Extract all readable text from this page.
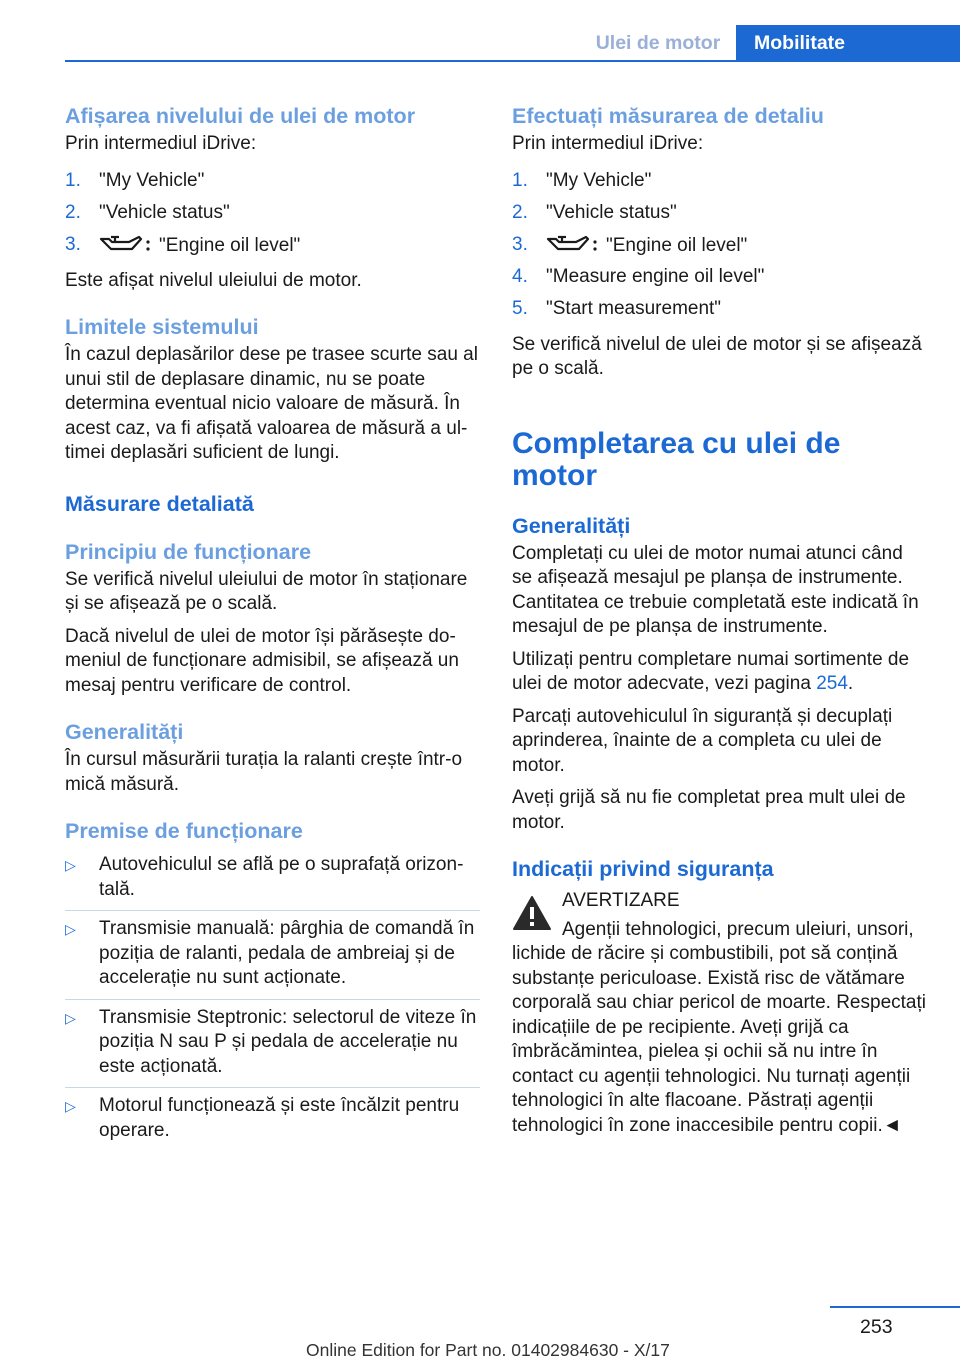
Ulei de motor	Mobilitate
Afișarea nivelului de ulei de motor

Prin intermediul iDrive:

1. "My Vehicle"
2. "Vehicle status"
3.	"Engine oil level"

Este afișat nivelul uleiului de motor.

Limitele sistemului

În cazul deplasărilor dese pe trasee scurte sau al unui stil de deplasare dinamic, nu se poate determina eventual nicio valoare de măsură. În acest caz, va fi afișată valoarea de măsură a ultimei deplasări suficient de lungi.

Măsurare detaliată
Principiu de funcționare

Se verifică nivelul uleiului de motor în staționare și se afișează pe o scală.

Dacă nivelul de ulei de motor își părăsește domeniul de funcționare admisibil, se afișează un mesaj pentru verificare de control.

Generalități

În cursul măsurării turația la ralanti crește într-o mică măsură.

Premise de funcționare
▷	Autovehiculul se află pe o suprafață orizontală.
▷	Transmisie manuală: pârghia de comandă în poziția de ralanti, pedala de ambreiaj și de accelerație nu sunt acționate.
▷	Transmisie Steptronic: selectorul de viteze în poziția N sau P și pedala de accelerație nu este acționată.
▷	Motorul funcționează și este încălzit pentru operare.
Efectuați măsurarea de detaliu

Prin intermediul iDrive:

1. "My Vehicle"
2. "Vehicle status"
3.	"Engine oil level"
4. "Measure engine oil level"
5. "Start measurement"

Se verifică nivelul de ulei de motor și se afișează pe o scală.

Completarea cu ulei de motor
Generalități

Completați cu ulei de motor numai atunci când se afișează mesajul pe planșa de instrumente. Cantitatea ce trebuie completată este indicată în mesajul de pe planșa de instrumente.

Utilizați pentru completare numai sortimente de ulei de motor adecvate, vezi pagina 254.

Parcați autovehiculul în siguranță și decuplați aprinderea, înainte de a completa cu ulei de motor.

Aveți grijă să nu fie completat prea mult ulei de motor.

Indicații privind siguranța
AVERTIZARE
Agenții tehnologici, precum uleiuri, unsori, lichide de răcire și combustibili, pot să conțină substanțe periculoase. Există risc de vătămare corporală sau chiar pericol de moarte. Respectați indicațiile de pe recipiente. Aveți grijă ca îmbrăcămintea, pielea și ochii să nu intre în contact cu agenții tehnologici. Nu turnați agenții tehnologici în alte flacoane. Păstrați agenții tehnologici în zone inaccesibile pentru copii.◄
253
Online Edition for Part no. 01402984630 - X/17
